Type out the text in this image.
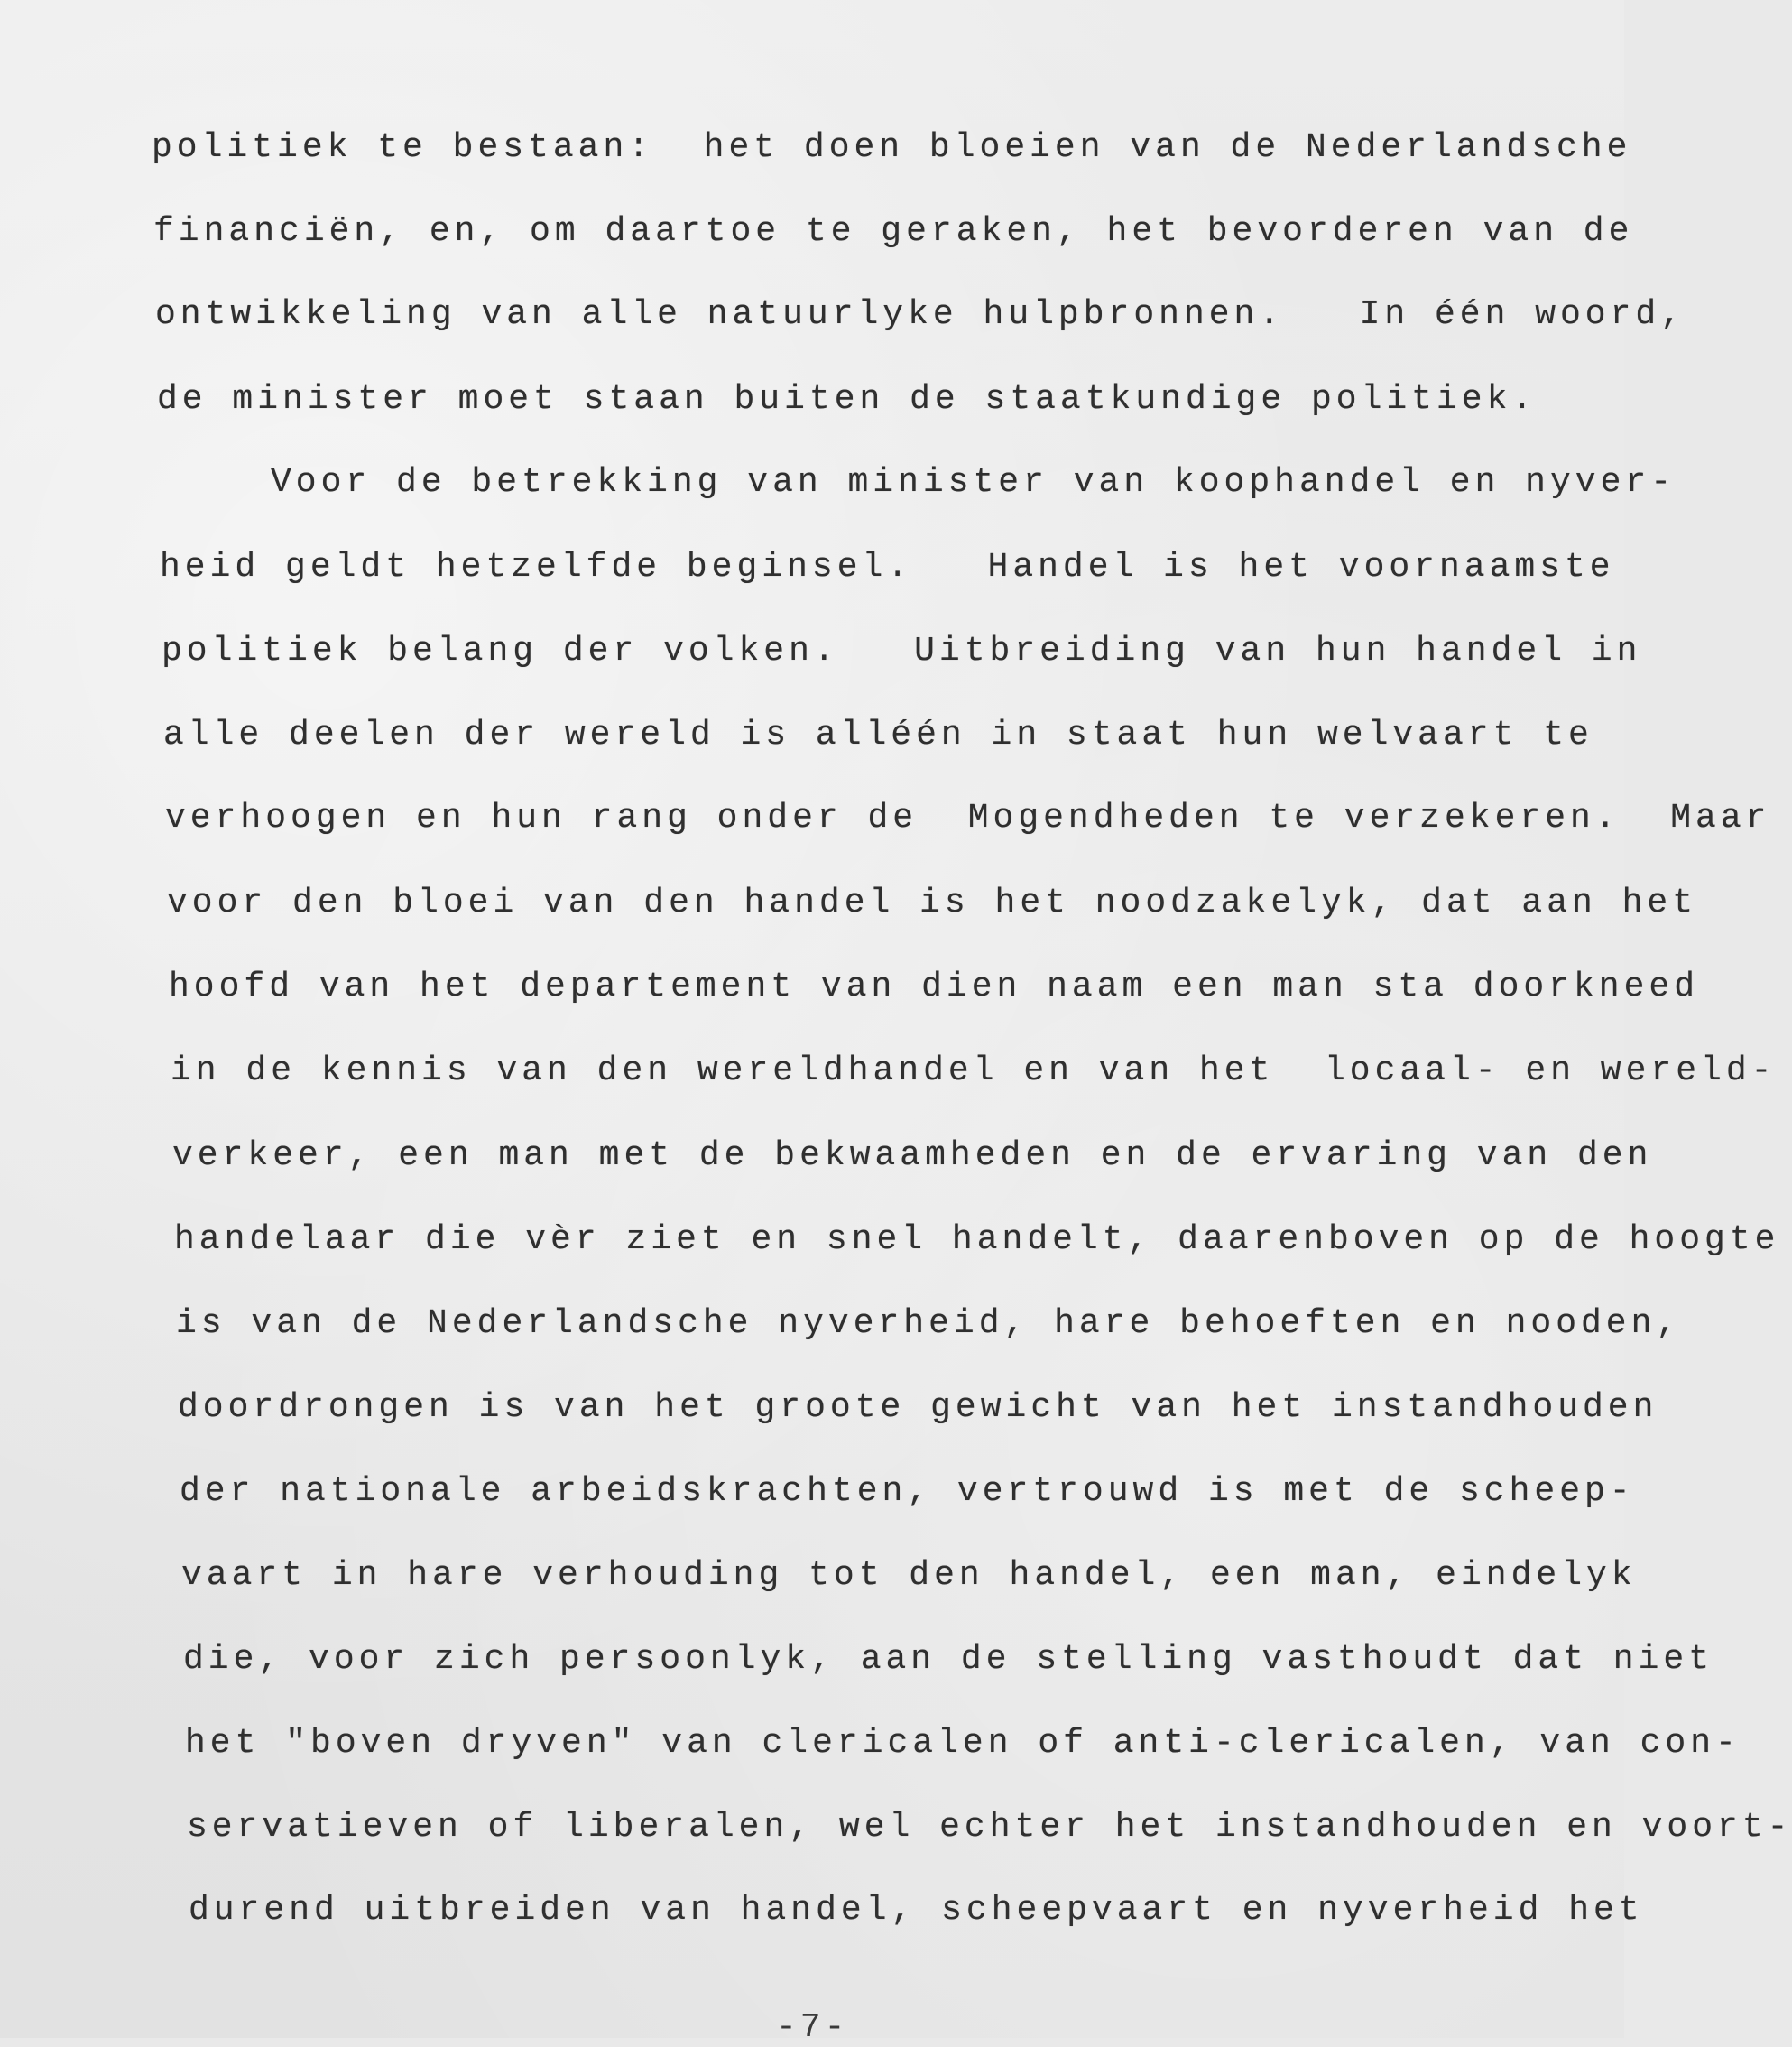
politiek te bestaan:  het doen bloeien van de Nederlandsche
financiën, en, om daartoe te geraken, het bevorderen van de
ontwikkeling van alle natuurlyke hulpbronnen.   In één woord,
de minister moet staan buiten de staatkundige politiek.
Voor de betrekking van minister van koophandel en nyver-
heid geldt hetzelfde beginsel.   Handel is het voornaamste
politiek belang der volken.   Uitbreiding van hun handel in
alle deelen der wereld is alléén in staat hun welvaart te
verhoogen en hun rang onder de  Mogendheden te verzekeren.  Maar
voor den bloei van den handel is het noodzakelyk, dat aan het
hoofd van het departement van dien naam een man sta doorkneed
in de kennis van den wereldhandel en van het  locaal- en wereld-
verkeer, een man met de bekwaamheden en de ervaring van den
handelaar die vèr ziet en snel handelt, daarenboven op de hoogte
is van de Nederlandsche nyverheid, hare behoeften en nooden,
doordrongen is van het groote gewicht van het instandhouden
der nationale arbeidskrachten, vertrouwd is met de scheep-
vaart in hare verhouding tot den handel, een man, eindelyk
die, voor zich persoonlyk, aan de stelling vasthoudt dat niet
het "boven dryven" van clericalen of anti-clericalen, van con-
servatieven of liberalen, wel echter het instandhouden en voort-
durend uitbreiden van handel, scheepvaart en nyverheid het
-7-
